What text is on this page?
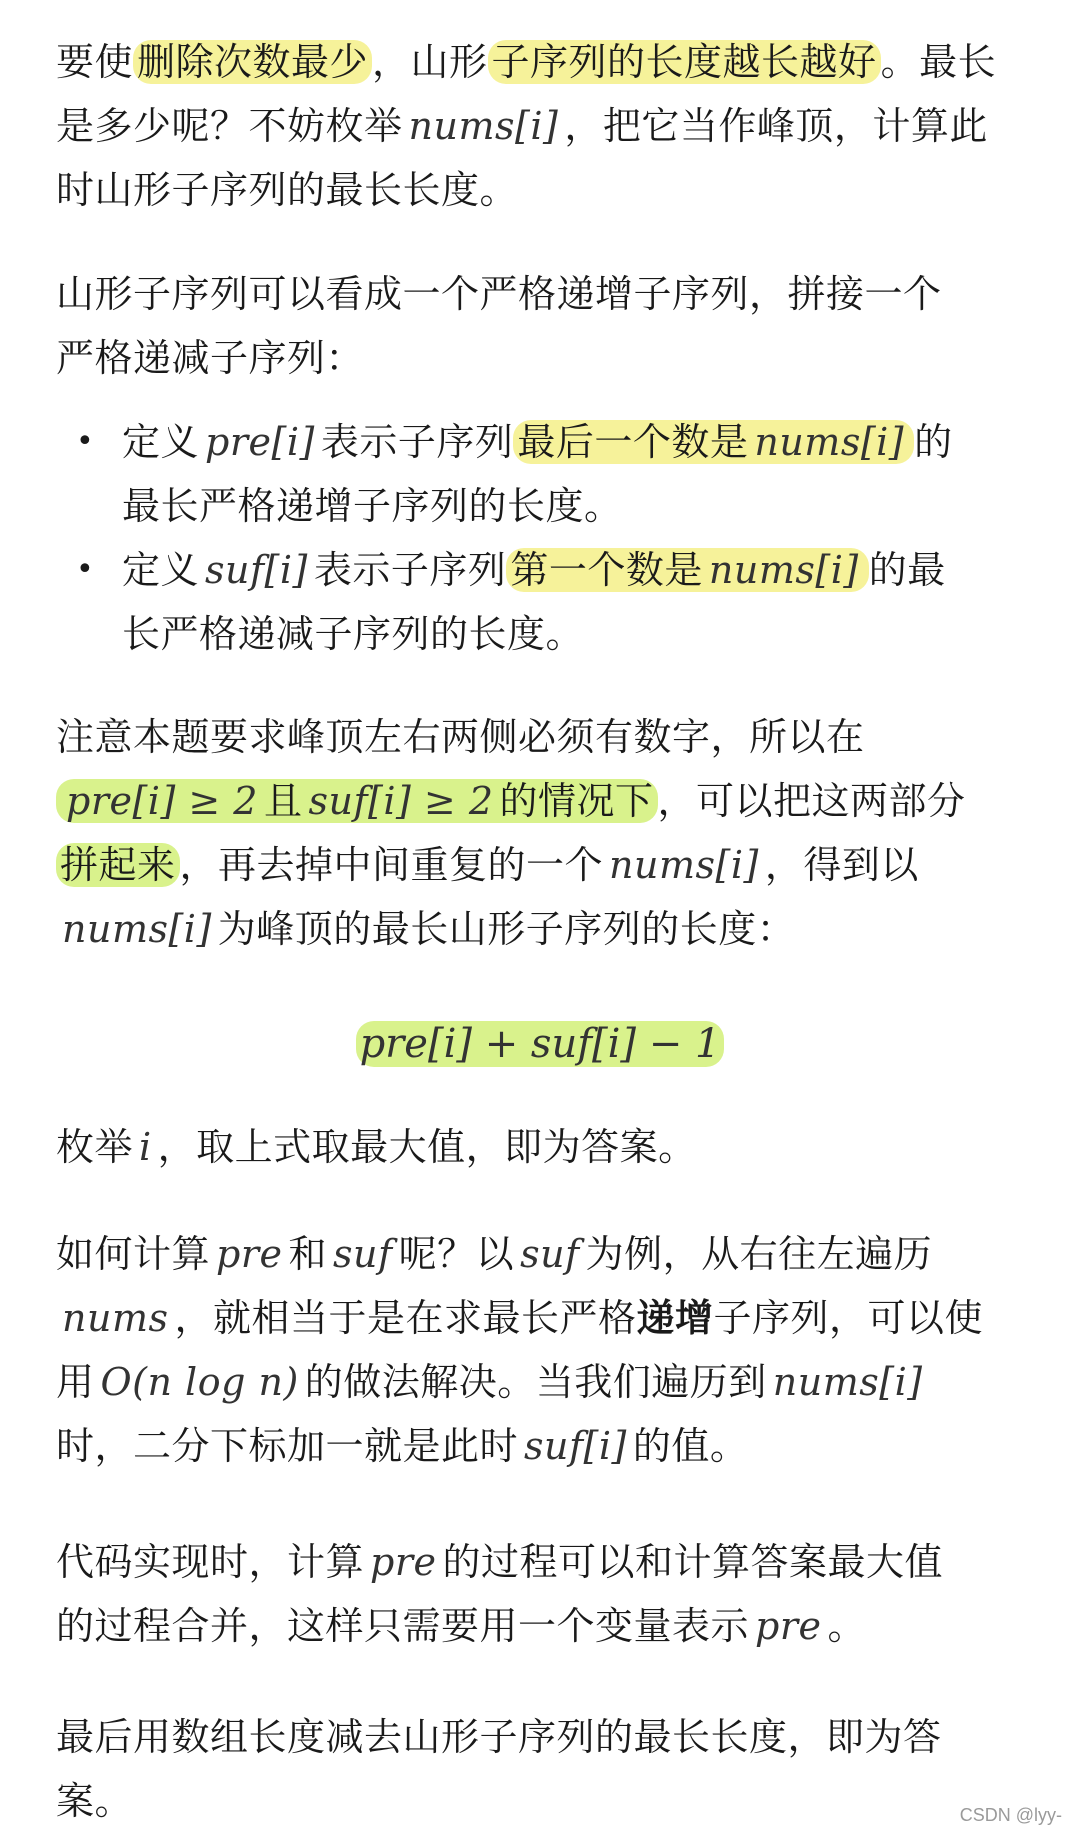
要使 删除次数最少 ，山形 子序列的长度越长越好 。最长
是多少呢？不妨枚举 nums[i] ，把它当作峰顶，计算此
时山形子序列的最长长度。
山形子序列可以看成一个严格递增子序列，拼接一个
严格递减子序列：
• 定义 pre[i] 表示子序列 最后一个数是 nums[i] 的
最长严格递增子序列的长度。
• 定义 suf[i] 表示子序列 第一个数是 nums[i] 的最
长严格递减子序列的长度。
注意本题要求峰顶左右两侧必须有数字，所以在
pre[i] ≥ 2 且 suf[i] ≥ 2 的情况下 ，可以把这两部分
拼起来 ，再去掉中间重复的一个 nums[i] ，得到以
nums[i] 为峰顶的最长山形子序列的长度：
pre[i] + suf[i] − 1
枚举 i ，取上式取最大值，即为答案。
如何计算 pre 和 suf 呢？以 suf 为例，从右往左遍历
nums ，就相当于是在求最长严格递增子序列，可以使
用 O(n log n) 的做法解决。当我们遍历到 nums[i]
时，二分下标加一就是此时 suf[i] 的值。
代码实现时，计算 pre 的过程可以和计算答案最大值
的过程合并，这样只需要用一个变量表示 pre 。
最后用数组长度减去山形子序列的最长长度，即为答
案。	CSDN @lyy-
